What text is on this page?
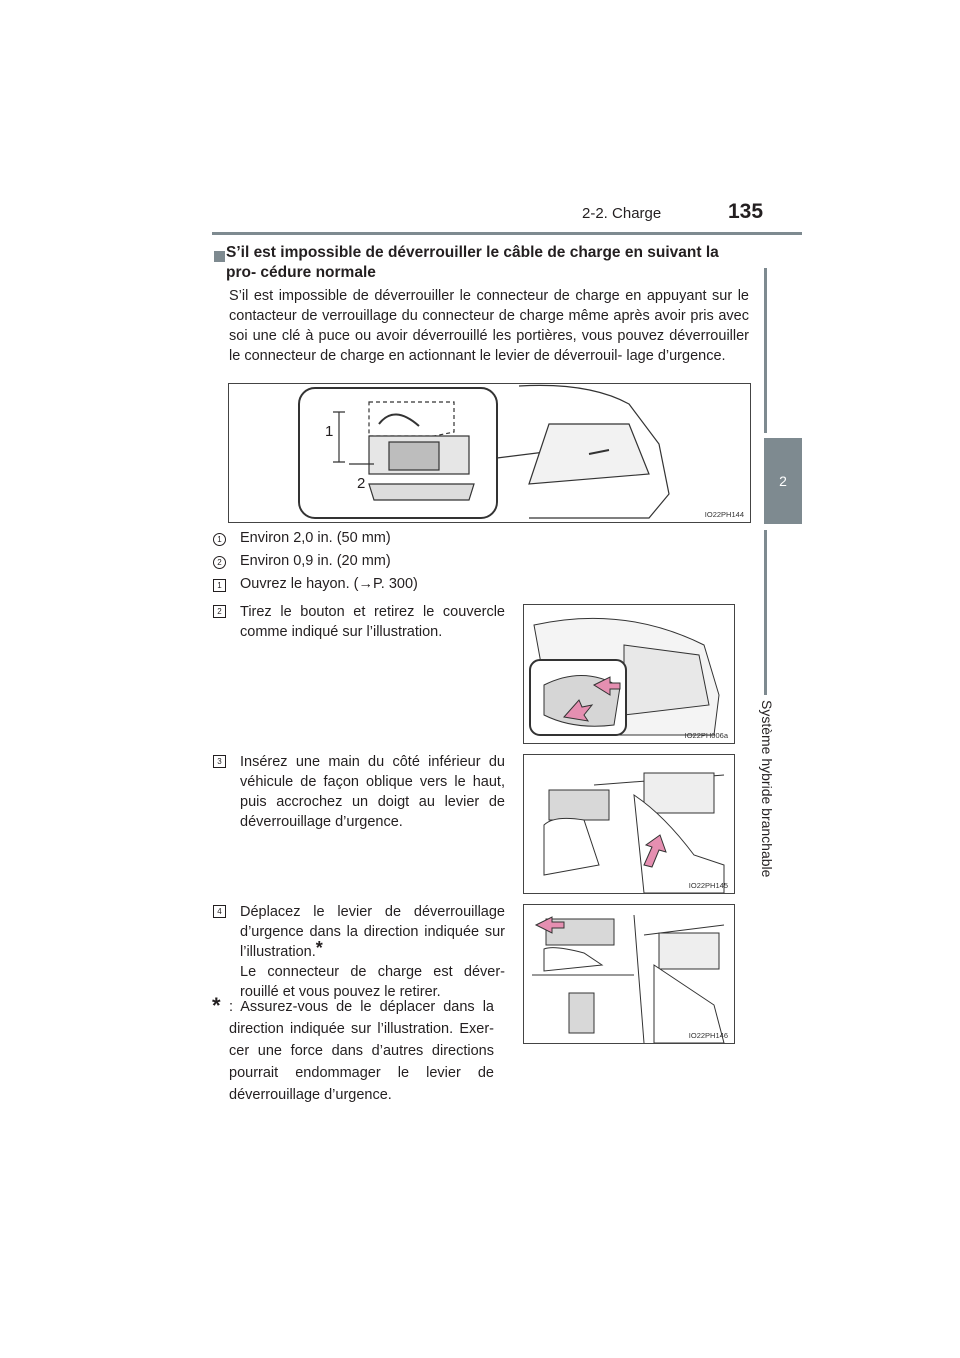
2-2. Charge	135
2
Système hybride branchable
S’il est impossible de déverrouiller le câble de charge en suivant la pro- cédure normale
S’il est impossible de déverrouiller le connecteur de charge en appuyant sur le contacteur de verrouillage du connecteur de charge même après avoir pris avec soi une clé à puce ou avoir déverrouillé les portières, vous pouvez déverrouiller le connecteur de charge en actionnant le levier de déverrouil- lage d’urgence.
1
2
IO22PH144
1 Environ 2,0 in. (50 mm)
2 Environ 0,9 in. (20 mm)
1 Ouvrez le hayon. (→P. 300)
2 Tirez le bouton et retirez le couvercle comme indiqué sur l’illustration.
IO22PH006a
3 Insérez une main du côté inférieur du véhicule de façon oblique vers le haut, puis accrochez un doigt au levier de déverrouillage d’urgence.
IO22PH145
4 Déplacez le levier de déverrouillage d’urgence dans la direction indiquée sur l’illustration.*
Le connecteur de charge est déver- rouillé et vous pouvez le retirer.
IO22PH146
* : Assurez-vous de le déplacer dans la direction indiquée sur l’illustration. Exer- cer une force dans d’autres directions pourrait endommager le levier de déverrouillage d’urgence.
